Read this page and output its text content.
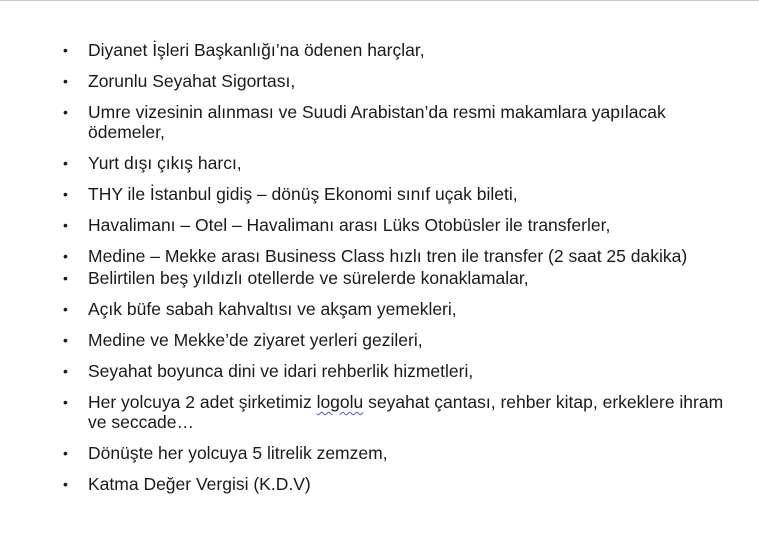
• Diyanet İşleri Başkanlığı’na ödenen harçlar,
• Zorunlu Seyahat Sigortası,
• Umre vizesinin alınması ve Suudi Arabistan’da resmi makamlara yapılacak ödemeler,
• Yurt dışı çıkış harcı,
• THY ile İstanbul gidiş – dönüş Ekonomi sınıf uçak bileti,
• Havalimanı – Otel – Havalimanı arası Lüks Otobüsler ile transferler,
• Medine – Mekke arası Business Class hızlı tren ile transfer (2 saat 25 dakika)
• Belirtilen beş yıldızlı otellerde ve sürelerde konaklamalar,
• Açık büfe sabah kahvaltısı ve akşam yemekleri,
• Medine ve Mekke’de ziyaret yerleri gezileri,
• Seyahat boyunca dini ve idari rehberlik hizmetleri,
• Her yolcuya 2 adet şirketimiz logolu seyahat çantası, rehber kitap, erkeklere ihram ve seccade…
• Dönüşte her yolcuya 5 litrelik zemzem,
• Katma Değer Vergisi (K.D.V)
